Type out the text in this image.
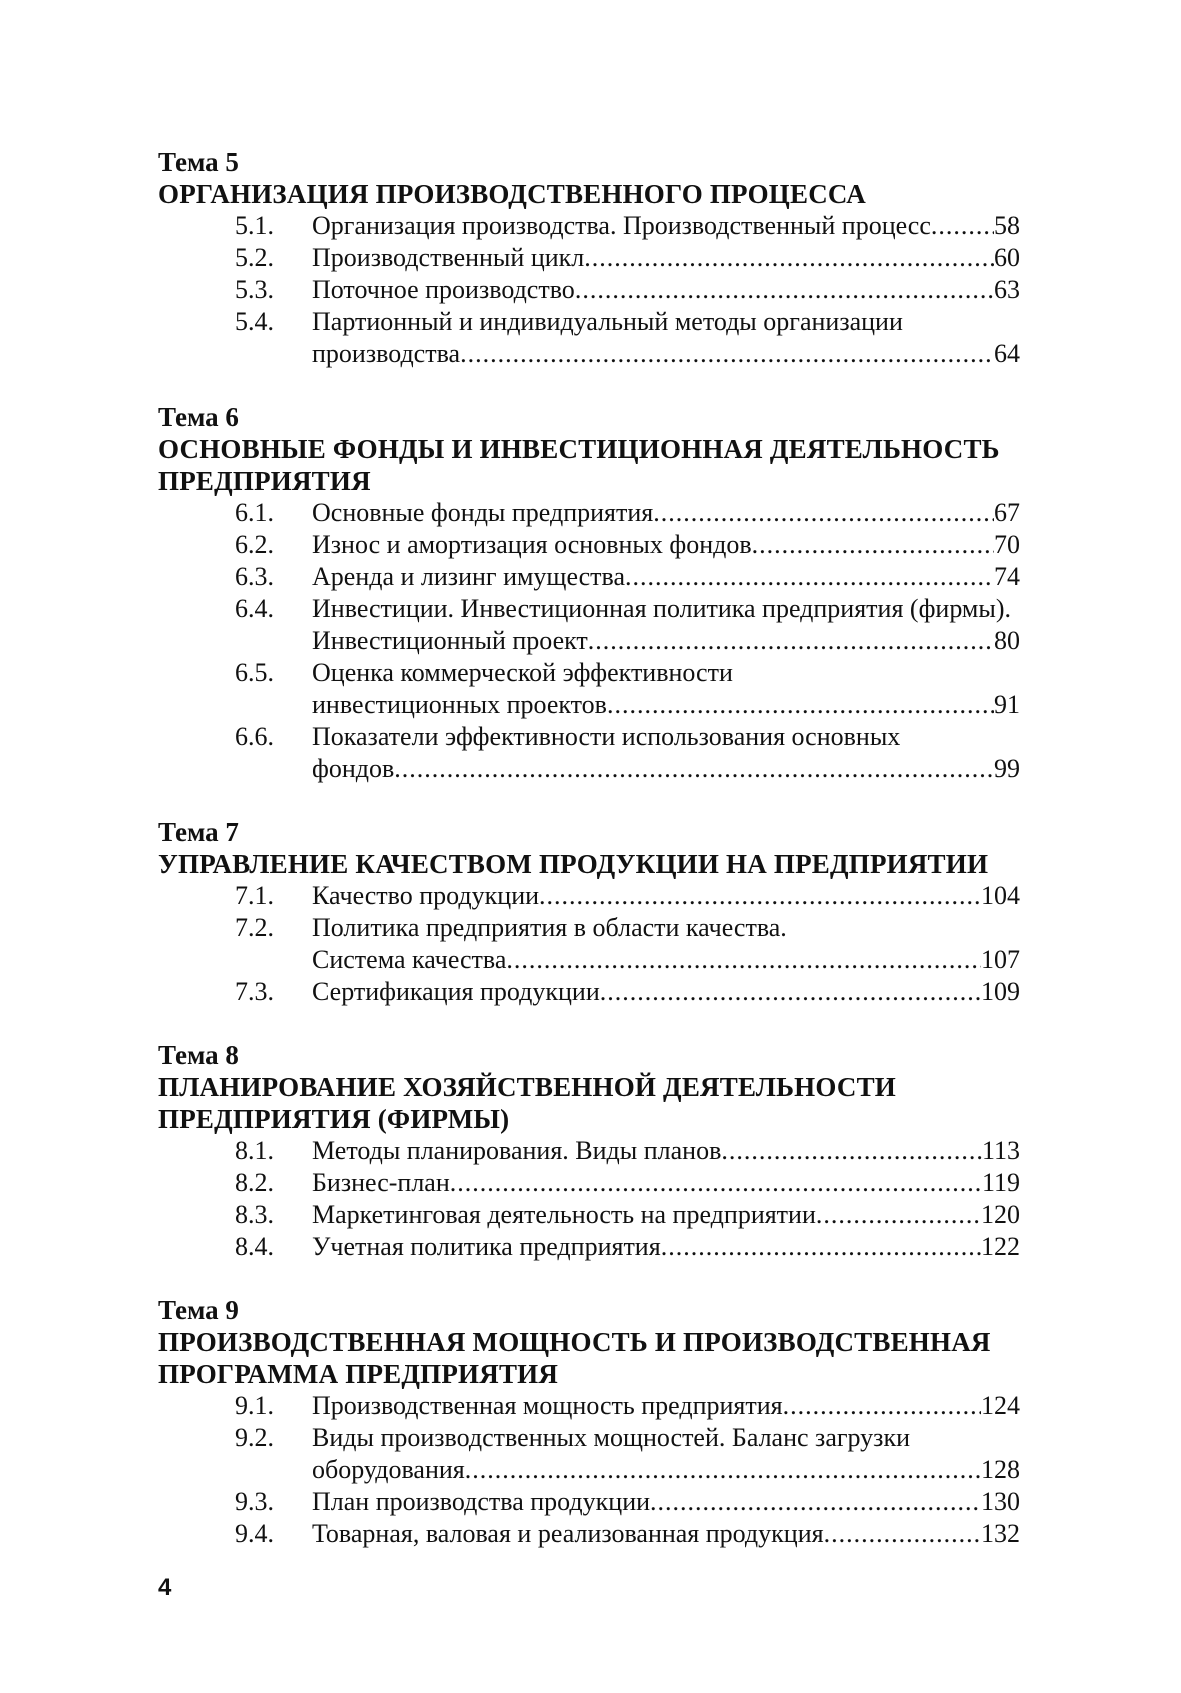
Тема 5
ОРГАНИЗАЦИЯ ПРОИЗВОДСТВЕННОГО ПРОЦЕССА
5.1.	Организация производства. Производственный процесс ..... 58
5.2.	Производственный цикл .....	60
5.3.	Поточное производство .....	63
5.4.	Партионный и индивидуальный методы организации
производства .....	64
Тема 6
ОСНОВНЫЕ ФОНДЫ И ИНВЕСТИЦИОННАЯ ДЕЯТЕЛЬНОСТЬ ПРЕДПРИЯТИЯ
6.1.	Основные фонды предприятия .....	67
6.2.	Износ и амортизация основных фондов .....	70
6.3.	Аренда и лизинг имущества .....	74
6.4.	Инвестиции. Инвестиционная политика предприятия (фирмы).
Инвестиционный проект .....	80
6.5.	Оценка коммерческой эффективности
инвестиционных проектов .....	91
6.6.	Показатели эффективности использования основных
фондов .....	99
Тема 7
УПРАВЛЕНИЕ КАЧЕСТВОМ ПРОДУКЦИИ НА ПРЕДПРИЯТИИ
7.1.	Качество продукции .....	104
7.2.	Политика предприятия в области качества.
Система качества .....	107
7.3.	Сертификация продукции .....	109
Тема 8
ПЛАНИРОВАНИЕ ХОЗЯЙСТВЕННОЙ ДЕЯТЕЛЬНОСТИ ПРЕДПРИЯТИЯ (ФИРМЫ)
8.1.	Методы планирования. Виды планов .....	113
8.2.	Бизнес-план .....	119
8.3.	Маркетинговая деятельность на предприятии .....	120
8.4.	Учетная политика предприятия .....	122
Тема 9
ПРОИЗВОДСТВЕННАЯ МОЩНОСТЬ И ПРОИЗВОДСТВЕННАЯ ПРОГРАММА ПРЕДПРИЯТИЯ
9.1.	Производственная мощность предприятия .....	124
9.2.	Виды производственных мощностей. Баланс загрузки
оборудования .....	128
9.3.	План производства продукции .....	130
9.4.	Товарная, валовая и реализованная продукция .....	132
4
